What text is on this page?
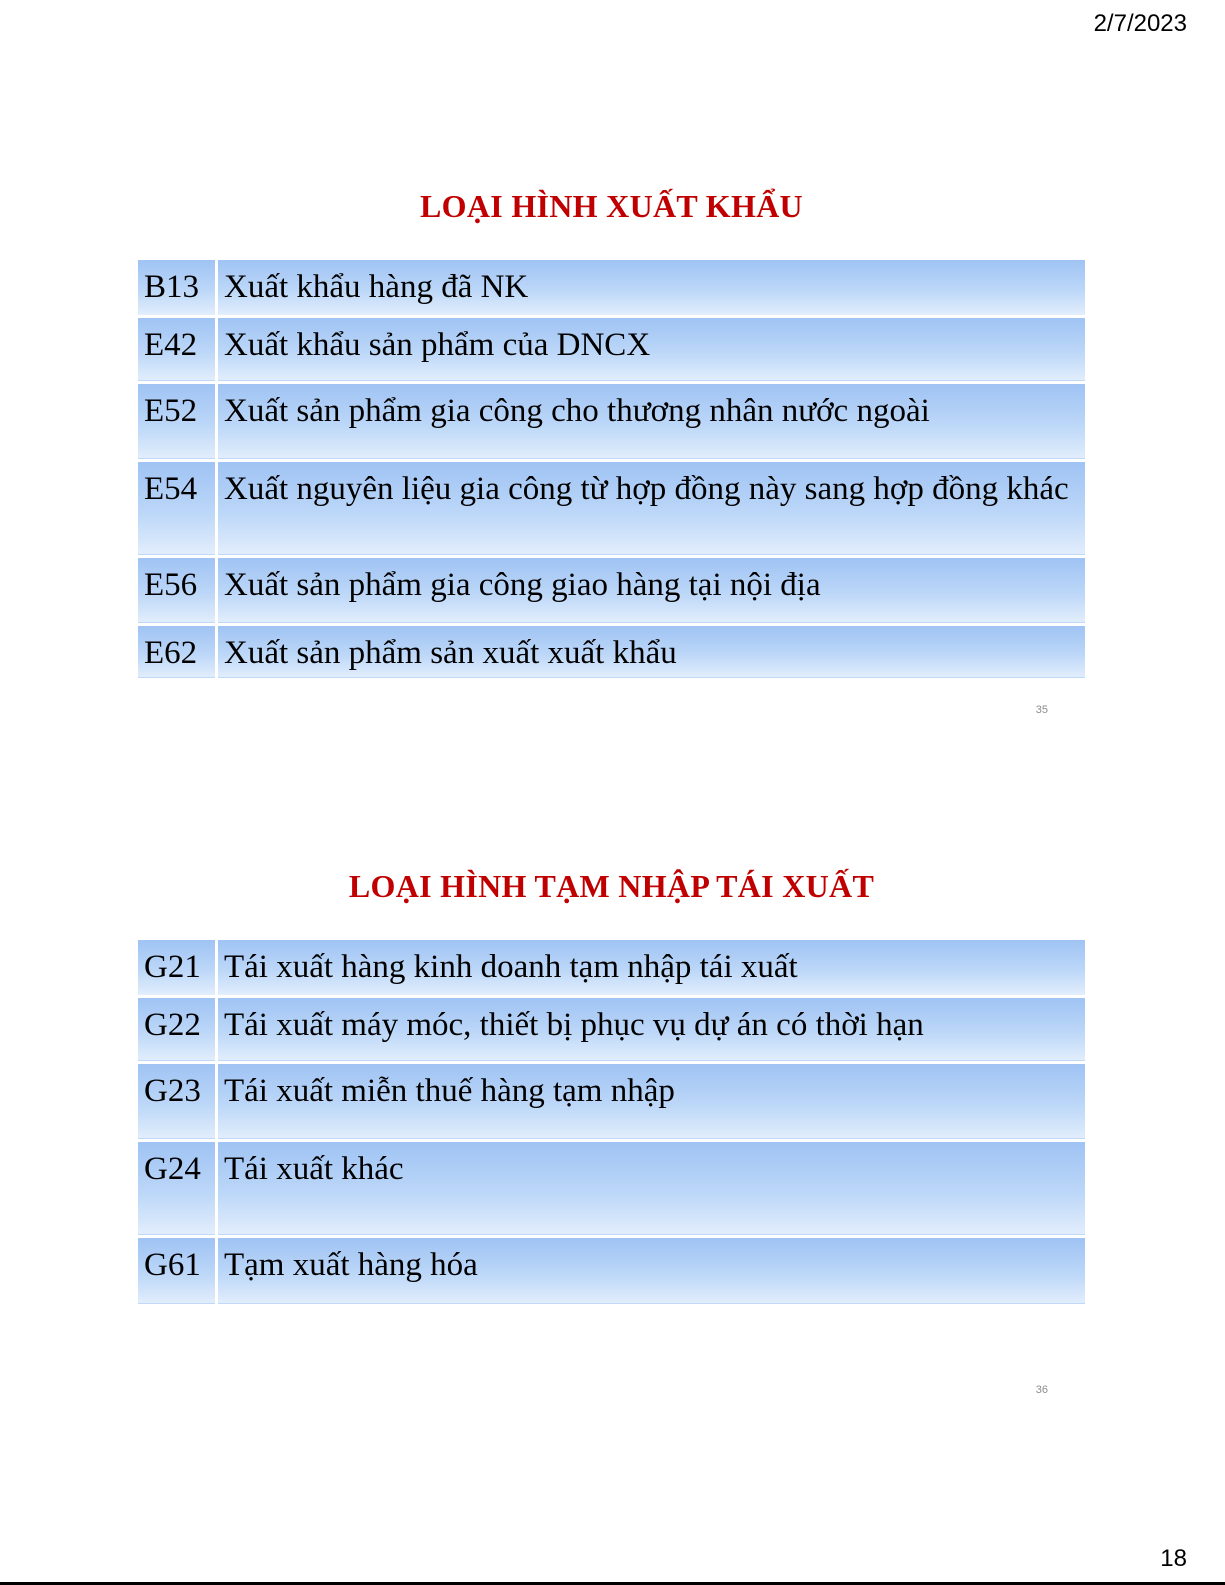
2/7/2023
LOẠI HÌNH XUẤT KHẨU
B13	Xuất khẩu hàng đã NK
E42	Xuất khẩu sản phẩm của DNCX
E52	Xuất sản phẩm gia công cho thương nhân nước ngoài
E54	Xuất nguyên liệu gia công từ hợp đồng này sang hợp đồng khác
E56	Xuất sản phẩm gia công giao hàng tại nội địa
E62	Xuất sản phẩm sản xuất xuất khẩu
35
LOẠI HÌNH TẠM NHẬP TÁI XUẤT
G21	Tái xuất hàng kinh doanh tạm nhập tái xuất
G22	Tái xuất máy móc, thiết bị phục vụ dự án có thời hạn
G23	Tái xuất miễn thuế hàng tạm nhập
G24	Tái xuất khác
G61	Tạm xuất hàng hóa
36
18
